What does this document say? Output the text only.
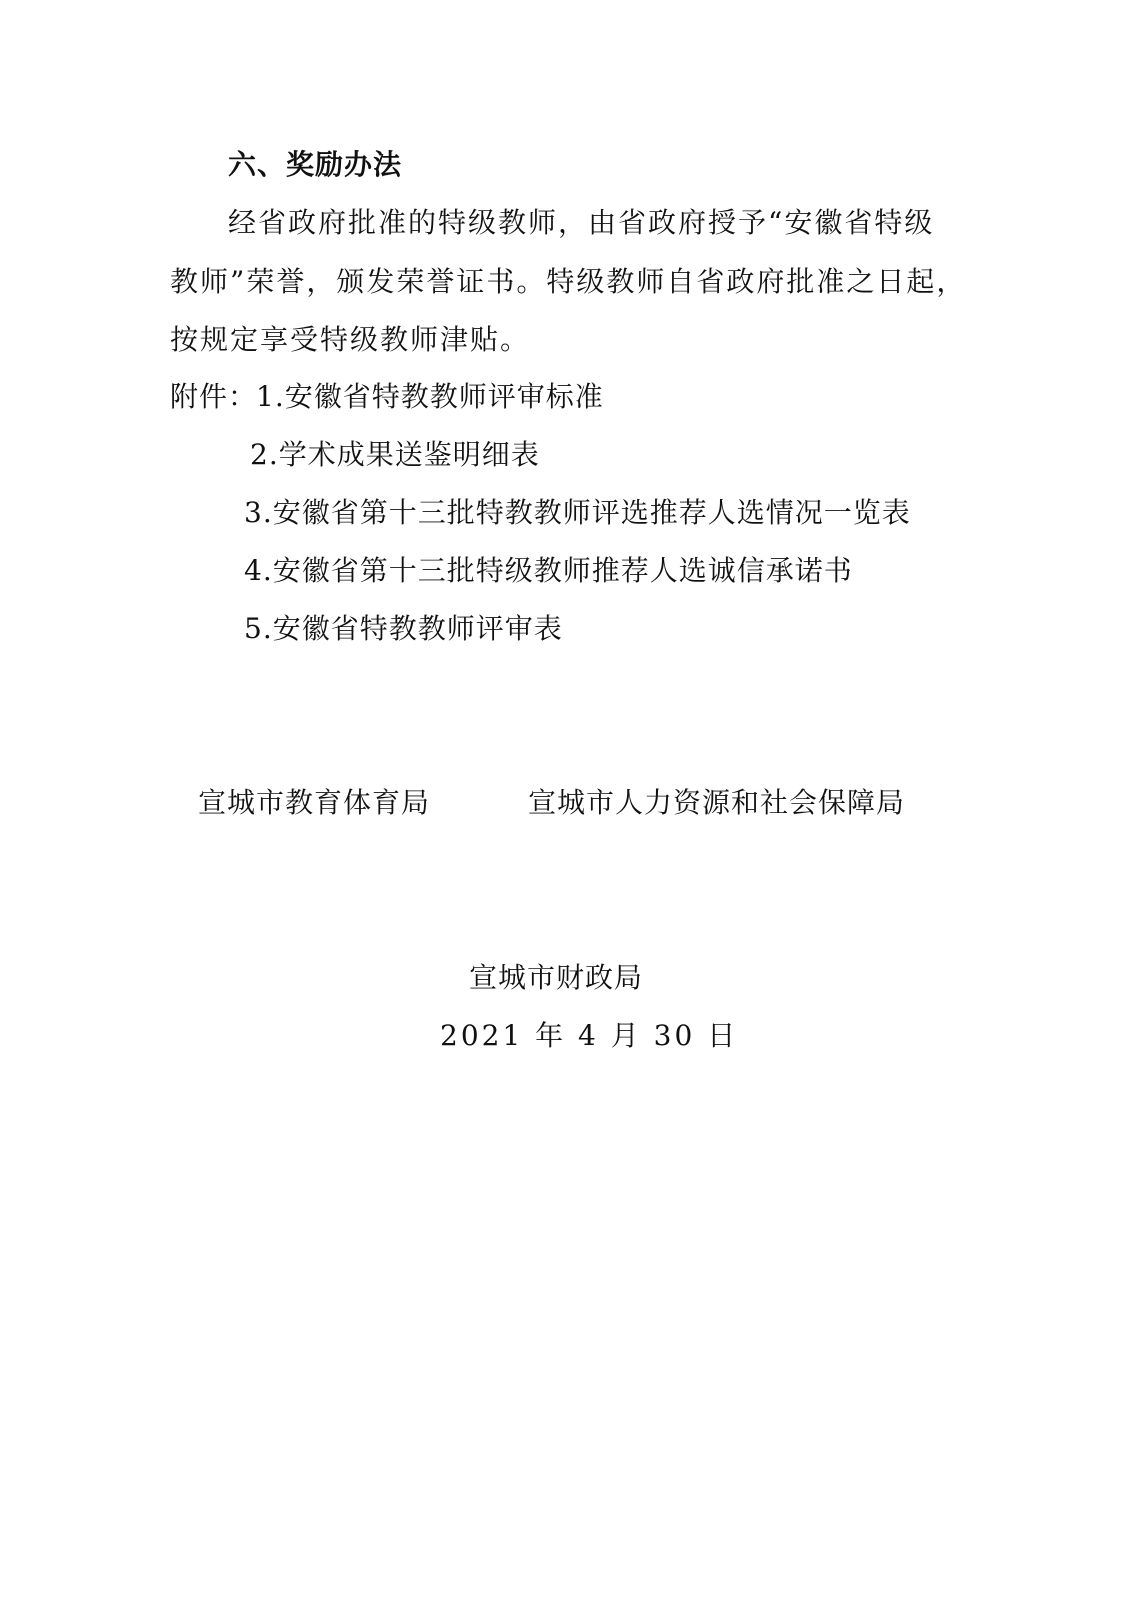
六、奖励办法
经省政府批准的特级教师，由省政府授予“安徽省特级
教师”荣誉，颁发荣誉证书。特级教师自省政府批准之日起，
按规定享受特级教师津贴。
附件：
1.安徽省特教教师评审标准
2.学术成果送鉴明细表
3.安徽省第十三批特教教师评选推荐人选情况一览表
4.安徽省第十三批特级教师推荐人选诚信承诺书
5.安徽省特教教师评审表
宣城市教育体育局	宣城市人力资源和社会保障局
宣城市财政局
2021 年 4 月 30 日
